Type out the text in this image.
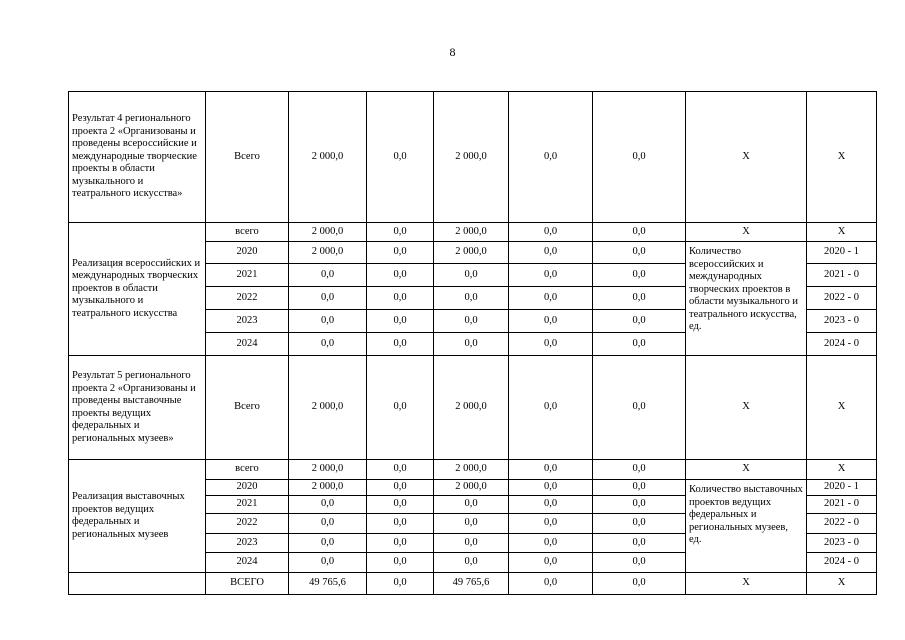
8
Результат 4 регионального проекта 2 «Организованы и проведены всероссийские и международные творческие проекты в области музыкального и театрального искусства»	Всего	2 000,0	0,0	2 000,0	0,0	0,0	Х	Х
Реализация всероссийских и международных творческих проектов в области музыкального и театрального искусства	всего	2 000,0	0,0	2 000,0	0,0	0,0	Х	Х
	2020	2 000,0	0,0	2 000,0	0,0	0,0	Количество всероссийских и международных творческих проектов в области музыкального и театрального искусства, ед.	2020 - 1
	2021	0,0	0,0	0,0	0,0	0,0		2021 - 0
	2022	0,0	0,0	0,0	0,0	0,0		2022 - 0
	2023	0,0	0,0	0,0	0,0	0,0		2023 - 0
	2024	0,0	0,0	0,0	0,0	0,0		2024 - 0
Результат 5 регионального проекта 2 «Организованы и проведены выставочные проекты ведущих федеральных и региональных музеев»	Всего	2 000,0	0,0	2 000,0	0,0	0,0	Х	Х
Реализация выставочных проектов ведущих федеральных и региональных музеев	всего	2 000,0	0,0	2 000,0	0,0	0,0	Х	Х
	2020	2 000,0	0,0	2 000,0	0,0	0,0	Количество выставочных проектов ведущих федеральных и региональных музеев, ед.	2020 - 1
	2021	0,0	0,0	0,0	0,0	0,0		2021 - 0
	2022	0,0	0,0	0,0	0,0	0,0		2022 - 0
	2023	0,0	0,0	0,0	0,0	0,0		2023 - 0
	2024	0,0	0,0	0,0	0,0	0,0		2024 - 0
	ВСЕГО	49 765,6	0,0	49 765,6	0,0	0,0	Х	Х
